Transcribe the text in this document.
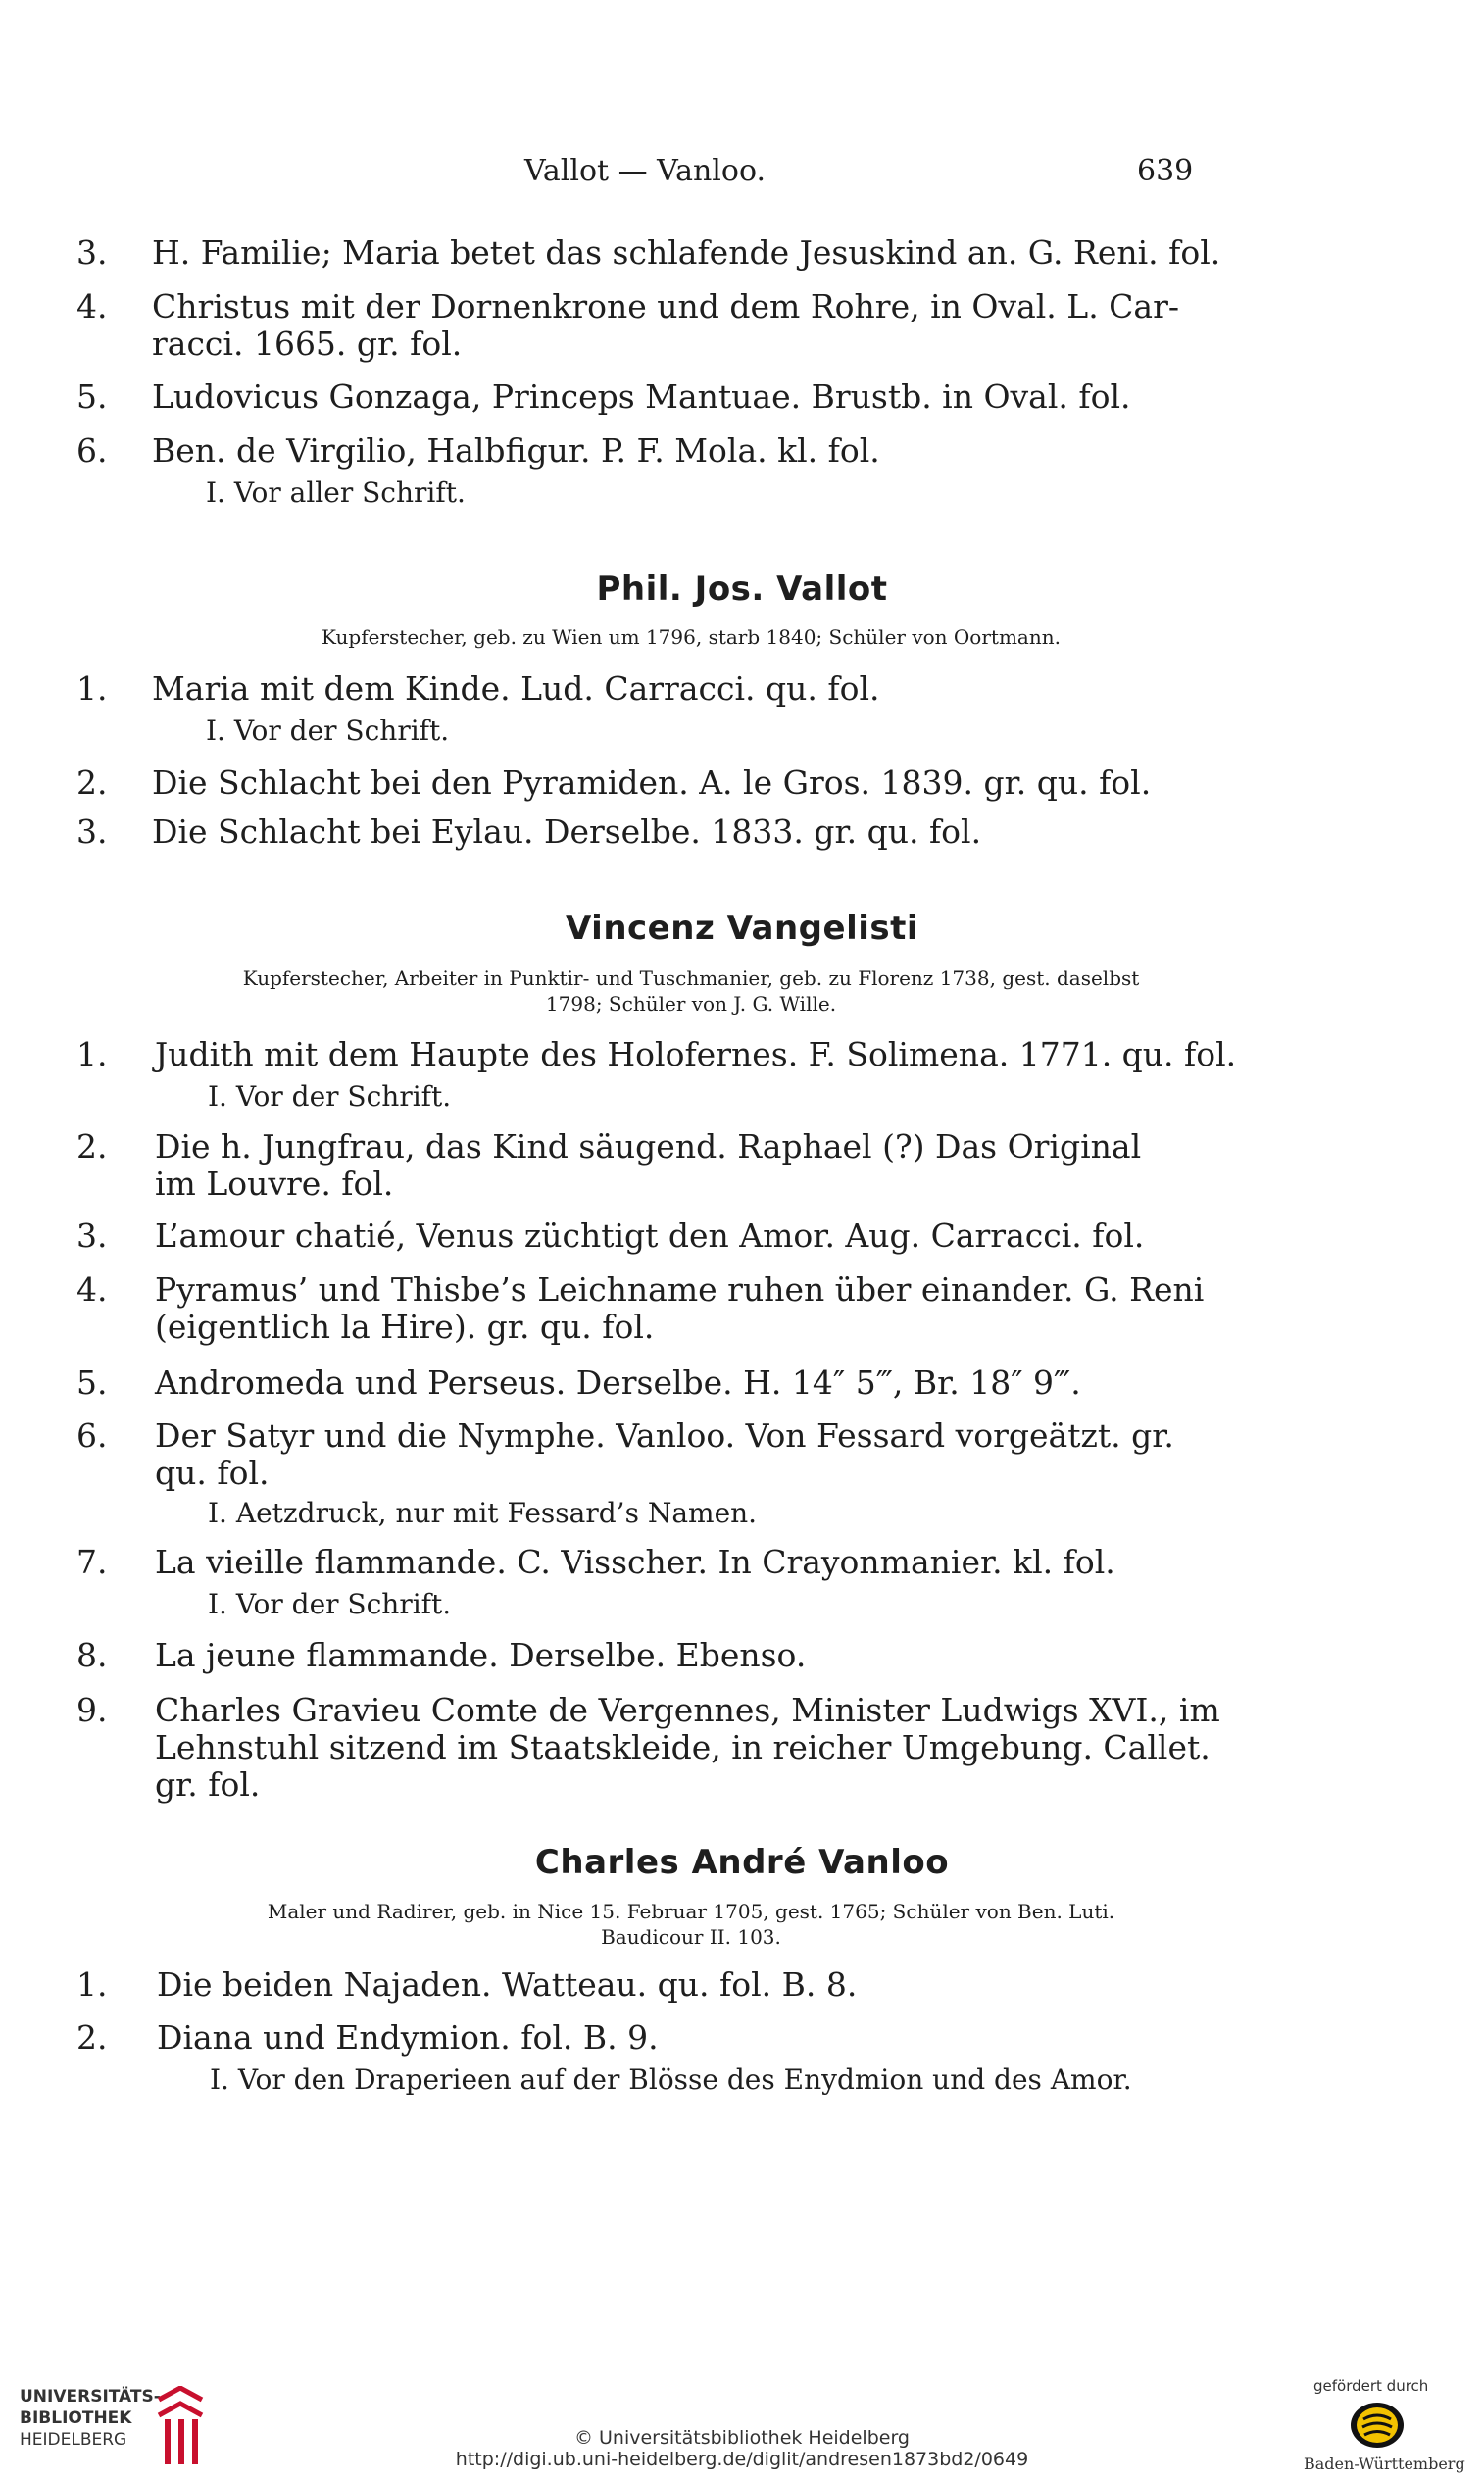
Vallot — Vanloo.	639
3. H. Familie; Maria betet das schlafende Jesuskind an. G. Reni. fol.
4. Christus mit der Dornenkrone und dem Rohre, in Oval. L. Car-
racci. 1665. gr. fol.
5. Ludovicus Gonzaga, Princeps Mantuae. Brustb. in Oval. fol.
6. Ben. de Virgilio, Halbfigur. P. F. Mola. kl. fol.
I. Vor aller Schrift.
Phil. Jos. Vallot
Kupferstecher, geb. zu Wien um 1796, starb 1840; Schüler von Oortmann.
1. Maria mit dem Kinde. Lud. Carracci. qu. fol.
I. Vor der Schrift.
2. Die Schlacht bei den Pyramiden. A. le Gros. 1839. gr. qu. fol.
3. Die Schlacht bei Eylau. Derselbe. 1833. gr. qu. fol.
Vincenz Vangelisti
Kupferstecher, Arbeiter in Punktir- und Tuschmanier, geb. zu Florenz 1738, gest. daselbst
1798; Schüler von J. G. Wille.
1. Judith mit dem Haupte des Holofernes. F. Solimena. 1771. qu. fol.
I. Vor der Schrift.
2. Die h. Jungfrau, das Kind säugend. Raphael (?) Das Original
im Louvre. fol.
3. L’amour chatié, Venus züchtigt den Amor. Aug. Carracci. fol.
4. Pyramus’ und Thisbe’s Leichname ruhen über einander. G. Reni
(eigentlich la Hire). gr. qu. fol.
5. Andromeda und Perseus. Derselbe. H. 14″ 5‴, Br. 18″ 9‴.
6. Der Satyr und die Nymphe. Vanloo. Von Fessard vorgeätzt. gr.
qu. fol.
I. Aetzdruck, nur mit Fessard’s Namen.
7. La vieille flammande. C. Visscher. In Crayonmanier. kl. fol.
I. Vor der Schrift.
8. La jeune flammande. Derselbe. Ebenso.
9. Charles Gravieu Comte de Vergennes, Minister Ludwigs XVI., im
Lehnstuhl sitzend im Staatskleide, in reicher Umgebung. Callet.
gr. fol.
Charles André Vanloo
Maler und Radirer, geb. in Nice 15. Februar 1705, gest. 1765; Schüler von Ben. Luti.
Baudicour II. 103.
1. Die beiden Najaden. Watteau. qu. fol. B. 8.
2. Diana und Endymion. fol. B. 9.
I. Vor den Draperieen auf der Blösse des Enydmion und des Amor.
UNIVERSITÄTS-
BIBLIOTHEK
HEIDELBERG	© Universitätsbibliothek Heidelberg
http://digi.ub.uni-heidelberg.de/diglit/andresen1873bd2/0649
gefördert durch
Baden-Württemberg
